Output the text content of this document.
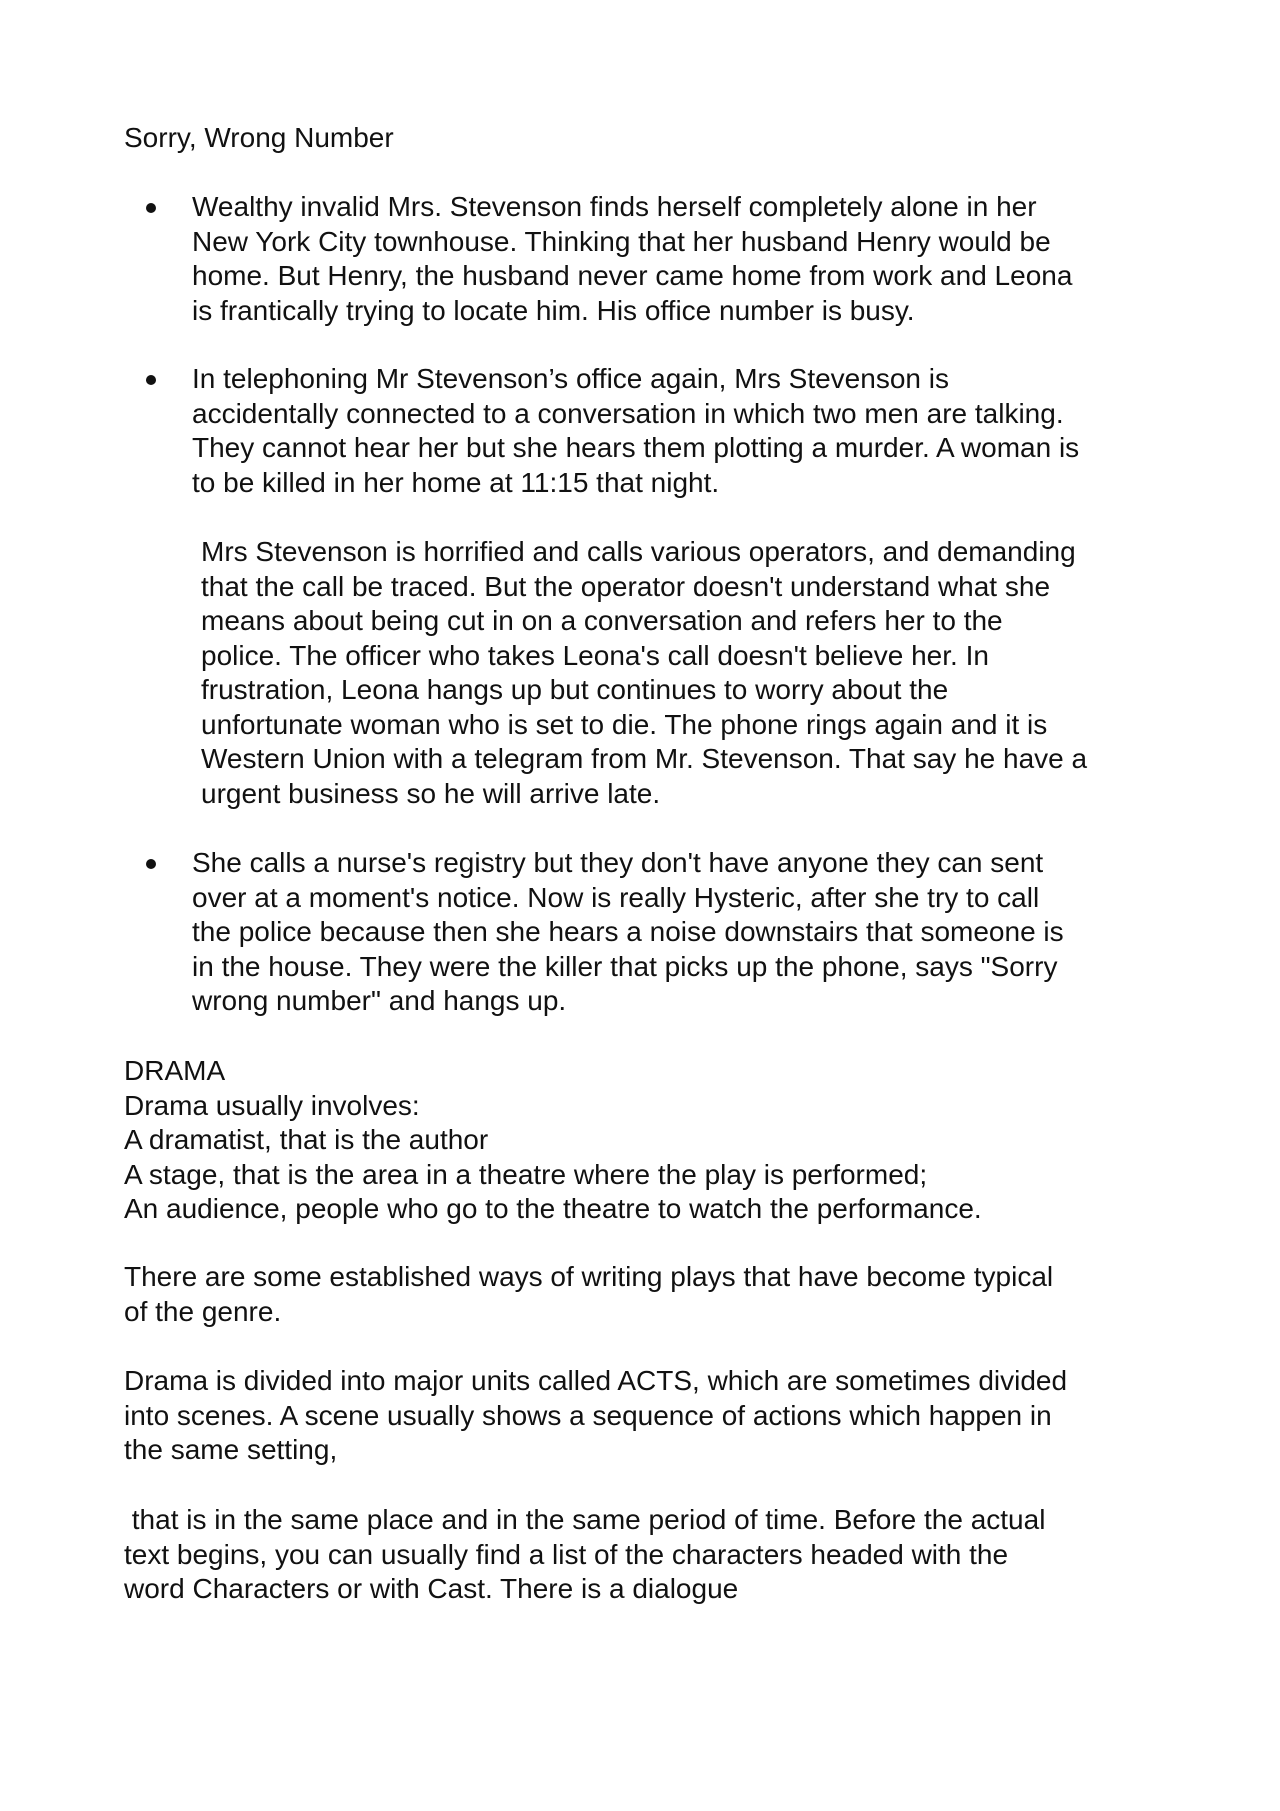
Sorry, Wrong Number

Wealthy invalid Mrs. Stevenson finds herself completely alone in her
New York City townhouse. Thinking that her husband Henry would be
home. But Henry, the husband never came home from work and Leona
is frantically trying to locate him. His office number is busy.

In telephoning Mr Stevenson’s office again, Mrs Stevenson is
accidentally connected to a conversation in which two men are talking.
They cannot hear her but she hears them plotting a murder. A woman is
to be killed in her home at 11:15 that night.

Mrs Stevenson is horrified and calls various operators, and demanding
that the call be traced. But the operator doesn't understand what she
means about being cut in on a conversation and refers her to the
police. The officer who takes Leona's call doesn't believe her. In
frustration, Leona hangs up but continues to worry about the
unfortunate woman who is set to die. The phone rings again and it is
Western Union with a telegram from Mr. Stevenson. That say he have a
urgent business so he will arrive late.

She calls a nurse's registry but they don't have anyone they can sent
over at a moment's notice. Now is really Hysteric, after she try to call
the police because then she hears a noise downstairs that someone is
in the house. They were the killer that picks up the phone, says "Sorry
wrong number" and hangs up.

DRAMA
Drama usually involves:
A dramatist, that is the author
A stage, that is the area in a theatre where the play is performed;
An audience, people who go to the theatre to watch the performance.

There are some established ways of writing plays that have become typical
of the genre.

Drama is divided into major units called ACTS, which are sometimes divided
into scenes. A scene usually shows a sequence of actions which happen in
the same setting,

that is in the same place and in the same period of time. Before the actual
text begins, you can usually find a list of the characters headed with the
word Characters or with Cast. There is a dialogue
